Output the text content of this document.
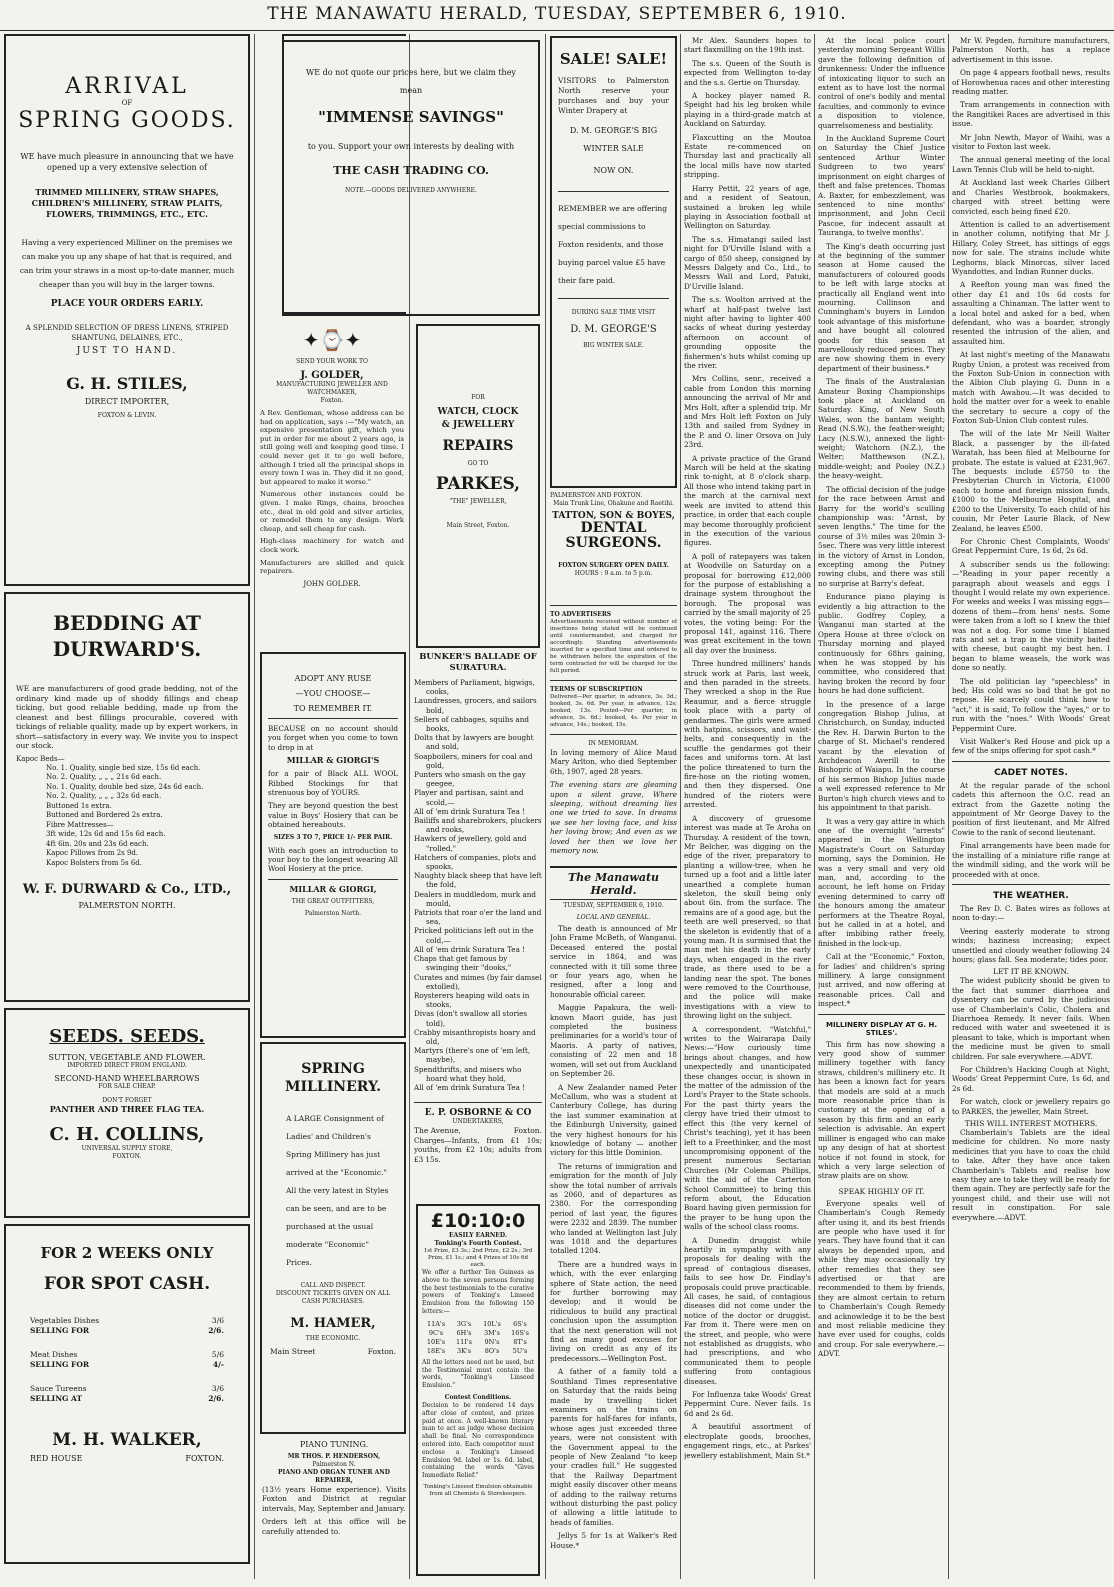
THE MANAWATU HERALD, TUESDAY, SEPTEMBER 6, 1910.
ARRIVAL
OF
SPRING GOODS.
WE have much pleasure in announcing that we have opened up a very extensive selection of
TRIMMED MILLINERY, STRAW SHAPES, CHILDREN'S MILLINERY, STRAW PLAITS, FLOWERS, TRIMMINGS, ETC., ETC.
Having a very experienced Milliner on the premises we can make you up any shape of hat that is required, and can trim your straws in a most up-to-date manner, much cheaper than you will buy in the larger towns.
PLACE YOUR ORDERS EARLY.
A SPLENDID SELECTION OF DRESS LINENS, STRIPED SHANTUNG, DELAINES, ETC.,
JUST TO HAND.
G. H. STILES,
DIRECT IMPORTER,
FOXTON & LEVIN.
BEDDING AT DURWARD'S.
WE are manufacturers of good grade bedding, not of the ordinary kind made up of shoddy fillings and cheap ticking, but good reliable bedding, made up from the cleanest and best fillings procurable, covered with tickings of reliable quality, made up by expert workers, in short—satisfactory in every way. We invite you to inspect our stock.
Kapoc Beds—
No. 1. Quality, single bed size, 15s 6d each.
No. 2. Quality, „ „ „ 21s 6d each.
No. 1. Quality, double bed size, 24s 6d each.
No. 2. Quality, „ „ „ 32s 6d each.
Buttoned 1s extra.
Buttoned and Bordered 2s extra.
Fibre Mattresses—
3ft wide, 12s 6d and 15s 6d each.
4ft 6in. 20s and 23s 6d each.
Kapoc Pillows from 2s 9d.
Kapoc Bolsters from 5s 6d.
W. F. DURWARD & Co., LTD.,
PALMERSTON NORTH.
SEEDS. SEEDS.
SUTTON, VEGETABLE AND FLOWER.
IMPORTED DIRECT FROM ENGLAND.
SECOND-HAND WHEELBARROWS
FOR SALE CHEAP.
DON'T FORGET
PANTHER AND THREE FLAG TEA.
C. H. COLLINS,
UNIVERSAL SUPPLY STORE,
FOXTON.
FOR 2 WEEKS ONLY
FOR SPOT CASH.
Vegetables Dishes	3/6
SELLING FOR	2/6.
Meat Dishes	5/6
SELLING FOR	4/-
Sauce Tureens	3/6
SELLING AT	2/6.
M. H. WALKER,
RED HOUSE	FOXTON.
WE do not quote our prices here, but we claim they mean
"IMMENSE SAVINGS"
to you. Support your own interests by dealing with
THE CASH TRADING CO.
NOTE.—GOODS DELIVERED ANYWHERE.
✦⌚✦
SEND YOUR WORK TO
J. GOLDER,
MANUFACTURING JEWELLER AND WATCHMAKER,
Foxton.
A Rev. Gentleman, whose address can be had on application, says :—"My watch, an expensive presentation gift, which you put in order for me about 2 years ago, is still going well and keeping good time. I could never get it to go well before, although I tried all the principal shops in every town I was in. They did it no good, but appeared to make it worse."
Numerous other instances could be given. I make Rings, chains, brooches etc., deal in old gold and silver articles, or remodel them to any design. Work cheap, and sell cheap for cash.
High-class machinery for watch and clock work.
Manufacturers are skilled and quick repairers.
JOHN GOLDER.
FOR
WATCH, CLOCK
& JEWELLERY
REPAIRS
GO TO
PARKES,
"THE" JEWELLER,
Main Street, Foxton.
ADOPT ANY RUSE
—YOU CHOOSE—
TO REMEMBER IT.
BECAUSE on no account should you forget when you come to town to drop in at
MILLAR & GIORGI'S
for a pair of Black ALL WOOL Ribbed Stockings for that strenuous boy of YOURS.
They are beyond question the best value in Boys' Hosiery that can be obtained hereabouts.
SIZES 3 TO 7, PRICE 1/- PER PAIR.
With each goes an introduction to your boy to the longest wearing All Wool Hosiery at the price.
MILLAR & GIORGI,
THE GREAT OUTFITTERS,
Palmerston North.
SPRING MILLINERY.
A LARGE Consignment of Ladies' and Children's Spring Millinery has just arrived at the "Economic." All the very latest in Styles can be seen, and are to be purchased at the usual moderate "Economic" Prices.
CALL AND INSPECT.
DISCOUNT TICKETS GIVEN ON ALL CASH PURCHASES.
M. HAMER,
THE ECONOMIC.
Main Street	Foxton.
PIANO TUNING.
MR THOS. P. HENDERSON,
Palmerston N.
PIANO AND ORGAN TUNER AND REPAIRER,
(13½ years Home experience). Visits Foxton and District at regular intervals, May, September and January.
Orders left at this office will be carefully attended to.
BUNKER'S BALLADE OF SURATURA.
Members of Parliament, bigwigs, cooks,
Laundresses, grocers, and sailors bold,
Sellers of cabbages, squibs and books,
Dolts that by lawyers are bought and sold,
Soapboilers, miners for coal and gold,
Punters who smash on the gay geegee,
Player and partisan, saint and scold,—
All of 'em drink Suratura Tea !
Bailiffs and sharebrokers, pluckers and rooks,
Hawkers of jewellery, gold and "rolled,"
Hatchers of companies, plots and spooks,
Naughty black sheep that have left the fold,
Dealers in muddledom, murk and mould,
Patriots that roar o'er the land and sea,
Pricked politicians left out in the cold,—
All of 'em drink Suratura Tea !
Chaps that get famous by swinging their "dooks,"
Curates and mimes (by fair damsel extolled),
Roysterers heaping wild oats in stooks,
Divas (don't swallow all stories told),
Crabby misanthropists hoary and old,
Martyrs (there's one of 'em left, maybe),
Spendthrifts, and misers who hoard what they hold,
All of 'em drink Suratura Tea !
E. P. OSBORNE & CO
UNDERTAKERS,
The Avenue,	Foxton.
Charges—Infants, from £1 10s; youths, from £2 10s; adults from £3 15s.
£10:10:0
EASILY EARNED.
Tonking's Fourth Contest.
1st Prize, £3 3s.; 2nd Prize, £2 2s.; 3rd Prize, £1 1s.; and 4 Prizes of 10s 6d each.
We offer a further Ten Guineas as above to the seven persons forming the best testimonials to the curative powers of Tonking's Linseed Emulsion from the following 150 letters:—
11A's	3G's	10L's	6S's
9C's	6H's	3M's	16S's
10E's	11I's	9N's	8T's
18E's	3K's	8O's	5U's
All the letters need not be used, but the Testimonial must contain the words, "Tonking's Linseed Emulsion."
Contest Conditions.
Decision to be rendered 14 days after close of contest, and prizes paid at once. A well-known literary man to act as judge whose decision shall be final. No correspondence entered into. Each competitor must enclose a Tonking's Linseed Emulsion 9d. label or 1s. 6d. label, containing the words "Gives Immediate Relief."
Tonking's Linseed Emulsion obtainable from all Chemists & Storekeepers.
SALE! SALE!
VISITORS to Palmerston North reserve your purchases and buy your Winter Drapery at
D. M. GEORGE'S BIG WINTER SALE
NOW ON.
REMEMBER we are offering special commissions to Foxton residents, and those buying parcel value £5 have their fare paid.
DURING SALE TIME VISIT
D. M. GEORGE'S
BIG WINTER SALE.
PALMERSTON AND FOXTON.
Main Trunk Line, Ohakune and Raetihi.
TATTON, SON & BOYES,
DENTAL SURGEONS.
FOXTON SURGERY OPEN DAILY.
HOURS : 9 a.m. to 5 p.m.
TO ADVERTISERS
Advertisements received without number of insertions being stated will be continued until countermanded, and charged for accordingly. Standing advertisements inserted for a specified time and ordered to be withdrawn before the expiration of the term contracted for will be charged for the full period.
TERMS OF SUBSCRIPTION
Delivered—Per quarter, in advance, 3s. 3d.; booked, 3s. 6d. Per year, in advance, 12s; booked, 13s. Posted—Per quarter, in advance, 3s. 6d.; booked, 4s. Per year in advance, 14s.; booked, 15s.
IN MEMORIAM.
In loving memory of Alice Maud Mary Arlton, who died September 6th, 1907, aged 28 years.
The evening stars are gleaming upon a silent grave, Where sleeping, without dreaming lies one we tried to save. In dreams we see her loving face, and kiss her loving brow; And even as we loved her then we love her memory now.
The Manawatu Herald.
TUESDAY, SEPTEMBER 6, 1910.
LOCAL AND GENERAL.

The death is announced of Mr John Frame McBeth, of Wanganui. Deceased entered the postal service in 1864, and was connected with it till some three or four years ago, when he resigned, after a long and honourable official career.

Maggie Papakura, the well-known Maori guide, has just completed the business preliminaries for a world's tour of Maoris. A party of natives, consisting of 22 men and 18 women, will set out from Auckland on September 26.

A New Zealander named Peter McCallum, who was a student at Canterbury College, has during the last summer examination at the Edinburgh University, gained the very highest honours for his knowledge of botany — another victory for this little Dominion.

The returns of immigration and emigration for the month of July show the total number of arrivals as 2060, and of departures as 2380. For the corresponding period of last year, the figures were 2232 and 2839. The number who landed at Wellington last July was 1018 and the departures totalled 1204.

There are a hundred ways in which, with the ever enlarging sphere of State action, the need for further borrowing may develop; and it would be ridiculous to build any practical conclusion upon the assumption that the next generation will not find as many good excuses for living on credit as any of its predecessors.—Wellington Post.

A father of a family told a Southland Times representative on Saturday that the raids being made by travelling ticket examiners on the trains on parents for half-fares for infants, whose ages just exceeded three years, were not consistent with the Government appeal to the people of New Zealand "to keep your cradles full." He suggested that the Railway Department might easily discover other means of adding to the railway returns without disturbing the past policy of allowing a little latitude to heads of families.

Jellys 5 for 1s at Walker's Red House.*

Mr Alex. Saunders hopes to start flaxmilling on the 19th inst.

The s.s. Queen of the South is expected from Wellington to-day and the s.s. Gertie on Thursday.

A hockey player named R. Speight had his leg broken while playing in a third-grade match at Auckland on Saturday.

Flaxcutting on the Moutoa Estate re-commenced on Thursday last and practically all the local mills have now started stripping.

Harry Pettit, 22 years of age, and a resident of Seatoun, sustained a broken leg while playing in Association football at Wellington on Saturday.

The s.s. Himatangi sailed last night for D'Urville Island with a cargo of 850 sheep, consigned by Messrs Dalgety and Co., Ltd., to Messrs Wall and Lord, Patuki, D'Urville Island.

The s.s. Woolton arrived at the wharf at half-past twelve last night after having to lighter 400 sacks of wheat during yesterday afternoon on account of grounding opposite the fishermen's huts whilst coming up the river.

Mrs Collins, senr., received a cable from London this morning announcing the arrival of Mr and Mrs Holt, after a splendid trip. Mr and Mrs Holt left Foxton on July 13th and sailed from Sydney in the P. and O. liner Orsova on July 23rd.

A private practice of the Grand March will be held at the skating rink to-night, at 8 o'clock sharp. All those who intend taking part in the march at the carnival next week are invited to attend this practice, in order that each couple may become thoroughly proficient in the execution of the various figures.

A poll of ratepayers was taken at Woodville on Saturday on a proposal for borrowing £12,000 for the purpose of establishing a drainage system throughout the borough. The proposal was carried by the small majority of 25 votes, the voting being: For the proposal 141, against 116. There was great excitement in the town all day over the business.

Three hundred milliners' hands struck work at Paris, last week, and then paraded in the streets. They wrecked a shop in the Rue Reaumur, and a fierce struggle took place with a party of gendarmes. The girls were armed with hatpins, scissors, and waist-belts, and consequently in the scuffle the gendarmes got their faces and uniforms torn. At last the police threatened to turn the fire-hose on the rioting women, and then they dispersed. One hundred of the rioters were arrested.

A discovery of gruesome interest was made at Te Aroha on Thursday. A resident of the town, Mr Belcher, was digging on the edge of the river, preparatory to planting a willow-tree, when he turned up a foot and a little later unearthed a complete human skeleton, the skull being only about 6in. from the surface. The remains are of a good age, but the teeth are well preserved, so that the skeleton is evidently that of a young man. It is surmised that the man met his death in the early days, when engaged in the river trade, as there used to be a landing near the spot. The bones were removed to the Courthouse, and the police will make investigations with a view to throwing light on the subject.

A correspondent, "Watchful," writes to the Wairarapa Daily News:—"How curiously time brings about changes, and how unexpectedly and unanticipated these changes occur, is shown in the matter of the admission of the Lord's Prayer to the State schools. For the past thirty years the clergy have tried their utmost to effect this (the very kernel of Christ's teaching), yet it has been left to a Freethinker, and the most uncompromising opponent of the present numerous Sectarian Churches (Mr Coleman Phillips, with the aid of the Carterton School Committee) to bring this reform about, the Education Board having given permission for the prayer to be hung upon the walls of the school class rooms.

A Dunedin druggist while heartily in sympathy with any proposals for dealing with the spread of contagious diseases, fails to see how Dr. Findlay's proposals could prove practicable. All cases, he said, of contagious diseases did not come under the notice of the doctor or druggist. Far from it. There were men on the street, and people, who were not established as druggists, who had prescriptions, and who communicated them to people suffering from contagious diseases.

For Influenza take Woods' Great Peppermint Cure. Never fails. 1s 6d and 2s 6d.

A beautiful assortment of electroplate goods, brooches, engagement rings, etc., at Parkes' jewellery establishment, Main St.*

At the local police court yesterday morning Sergeant Willis gave the following definition of drunkenness: Under the influence of intoxicating liquor to such an extent as to have lost the normal control of one's bodily and mental faculties, and commonly to evince a disposition to violence, quarrelsomeness and bestiality.

In the Auckland Supreme Court on Saturday the Chief Justice sentenced Arthur Winter Sudgreen to two years' imprisonment on eight charges of theft and false pretences. Thomas A. Baxter, for embezzlement, was sentenced to nine months' imprisonment, and John Cecil Pascoe, for indecent assault at Tauranga, to twelve months'.

The King's death occurring just at the beginning of the summer season at Home caused the manufacturers of coloured goods to be left with large stocks at practically all England went into mourning. Collinson and Cunningham's buyers in London took advantage of this misfortune and have bought all coloured goods for this season at marvellously reduced prices. They are now showing them in every department of their business.*

The finals of the Australasian Amateur Boxing Championships took place at Auckland on Saturday. King, of New South Wales, won the bantam weight; Read (N.S.W.), the feather-weight; Lacy (N.S.W.), annexed the light-weight; Watchorn (N.Z.), the Welter; Matthewson (N.Z.), middle-weight; and Pooley (N.Z.) the heavy-weight.

The official decision of the judge for the race between Arnst and Barry for the world's sculling championship was: "Arnst, by seven lengths." The time for the course of 3½ miles was 20min 3-5sec. There was very little interest in the victory of Arnst in London, excepting among the Putney rowing clubs, and there was still no surprise at Barry's defeat.

Endurance piano playing is evidently a big attraction to the public. Godfrey Copley, a Wanganui man started at the Opera House at three o'clock on Thursday morning and played continuously for 68hrs gaining, when he was stopped by his committee, who considered that having broken the record by four hours he had done sufficient.

In the presence of a large congregation Bishop Julius, at Christchurch, on Sunday, inducted the Rev. H. Darwin Burton to the charge of St. Michael's rendered vacant by the elevation of Archdeacon Averill to the Bishopric of Waiapu. In the course of his sermon Bishop Julius made a well expressed reference to Mr Burton's high church views and to his appointment to that parish.

It was a very gay attire in which one of the overnight "arrests" appeared in the Wellington Magistrate's Court on Saturday morning, says the Dominion. He was a very small and very old man, and, according to the account, he left home on Friday evening determined to carry off the honours among the amateur performers at the Theatre Royal, but he called in at a hotel, and after imbibing rather freely, finished in the lock-up.

Call at the "Economic," Foxton, for ladies' and children's spring millinery. A large consignment just arrived, and now offering at reasonable prices. Call and inspect.*

MILLINERY DISPLAY AT G. H. STILES'.
This firm has now showing a very good show of summer millinery together with fancy straws, children's millinery etc. It has been a known fact for years that models are sold at a much more reasonable price than is customary at the opening of a season by this firm and an early selection is advisable. An expert milliner is engaged who can make up any design of hat at shortest notice if not found in stock, for which a very large selection of straw plaits are on show.
SPEAK HIGHLY OF IT.
Everyone speaks well of Chamberlain's Cough Remedy after using it, and its best friends are people who have used it for years. They have found that it can always be depended upon, and while they may occasionally try other remedies that they see advertised or that are recommended to them by friends, they are almost certain to return to Chamberlain's Cough Remedy and acknowledge it to be the best and most reliable medicine they have ever used for coughs, colds and croup. For sale everywhere.—ADVT.

Mr W. Pegden, furniture manufacturers, Palmerston North, has a replace advertisement in this issue.

On page 4 appears football news, results of Horowhenua races and other interesting reading matter.

Tram arrangements in connection with the Rangitikei Races are advertised in this issue.

Mr John Newth, Mayor of Waihi, was a visitor to Foxton last week.

The annual general meeting of the local Lawn Tennis Club will be held to-night.

At Auckland last week Charles Gilbert and Charles Westbrook, bookmakers, charged with street betting were convicted, each being fined £20.

Attention is called to an advertisement in another column, notifying that Mr J. Hillary, Coley Street, has sittings of eggs now for sale. The strains include white Leghorns, black Minorcas, silver laced Wyandottes, and Indian Runner ducks.

A Reefton young man was fined the other day £1 and 10s 6d costs for assaulting a Chinaman. The latter went to a local hotel and asked for a bed, when defendant, who was a boarder, strongly resented the intrusion of the alien, and assaulted him.

At last night's meeting of the Manawatu Rugby Union, a protest was received from the Foxton Sub-Union in connection with the Albion Club playing G. Dunn in a match with Awahou.—It was decided to hold the matter over for a week to enable the secretary to secure a copy of the Foxton Sub-Union Club contest rules.

The will of the late Mr Neill Walter Black, a passenger by the ill-fated Waratah, has been filed at Melbourne for probate. The estate is valued at £231,967. The bequests include £5750 to the Presbyterian Church in Victoria, £1000 each to home and foreign mission funds, £1000 to the Melbourne Hospital, and £200 to the University. To each child of his cousin, Mr Peter Laurie Black, of New Zealand, he leaves £500.

For Chronic Chest Complaints, Woods' Great Peppermint Cure, 1s 6d, 2s 6d.

A subscriber sends us the following:—"Reading in your paper recently a paragraph about weasels and eggs I thought I would relate my own experience. For weeks and weeks I was missing eggs—dozens of them—from hens' nests. Some were taken from a loft so I knew the thief was not a dog. For some time I blamed rats and set a trap in the vicinity baited with cheese, but caught my best hen. I began to blame weasels, the work was done so neatly.

The old politician lay "speechless" in bed; His cold was so bad that he got no repose. He scarcely could think how to "act," it is said, To follow the "ayes," or to run with the "noes." With Woods' Great Peppermint Cure.

Visit Walker's Red House and pick up a few of the snips offering for spot cash.*

CADET NOTES.
At the regular parade of the school cadets this afternoon the O.C. read an extract from the Gazette noting the appointment of Mr George Davey to the position of first lieutenant, and Mr Alfred Cowie to the rank of second lieutenant.
Final arrangements have been made for the installing of a miniature rifle range at the windmill siding, and the work will be proceeded with at once.
THE WEATHER.
The Rev D. C. Bates wires as follows at noon to-day:—
Veering easterly moderate to strong winds; haziness increasing; expect unsettled and cloudy weather following 24 hours; glass fall. Sea moderate; tides poor.
LET IT BE KNOWN.
The widest publicity should be given to the fact that summer diarrhoea and dysentery can be cured by the judicious use of Chamberlain's Colic, Cholera and Diarrhoea Remedy. It never fails. When reduced with water and sweetened it is pleasant to take, which is important when the medicine must be given to small children. For sale everywhere.—ADVT.
For Children's Hacking Cough at Night, Woods' Great Peppermint Cure, 1s 6d, and 2s 6d.
For watch, clock or jewellery repairs go to PARKES, the jeweller, Main Street.
THIS WILL INTEREST MOTHERS.
Chamberlain's Tablets are the ideal medicine for children. No more nasty medicines that you have to coax the child to take. After they have once taken Chamberlain's Tablets and realise how easy they are to take they will be ready for them again. They are perfectly safe for the youngest child, and their use will not result in constipation. For sale everywhere.—ADVT.
